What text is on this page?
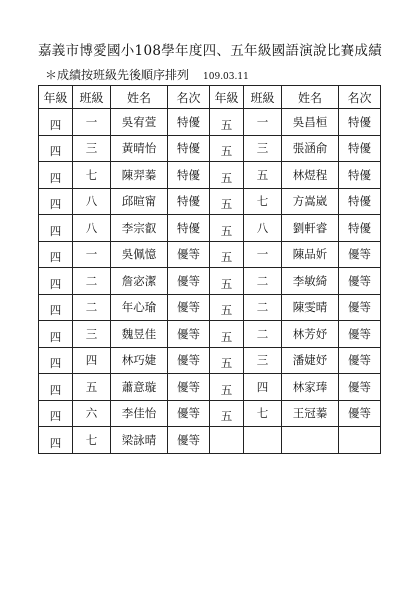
嘉義市博愛國小108學年度四、五年級國語演說比賽成績
＊成績按班級先後順序排列 109.03.11
年級	班級	姓名	名次	年級	班級	姓名	名次
四	一	吳宥萱	特優	五	一	吳昌桓	特優
四	三	黃晴怡	特優	五	三	張涵俞	特優
四	七	陳羿蓁	特優	五	五	林煜程	特優
四	八	邱暄甯	特優	五	七	方嵩崴	特優
四	八	李宗叡	特優	五	八	劉軒睿	特優
四	一	吳佩憶	優等	五	一	陳品妡	優等
四	二	詹宓潔	優等	五	二	李敏綺	優等
四	二	年心瑜	優等	五	二	陳雯晴	優等
四	三	魏昱佳	優等	五	二	林芳妤	優等
四	四	林巧婕	優等	五	三	潘婕妤	優等
四	五	蕭意璇	優等	五	四	林家琫	優等
四	六	李佳怡	優等	五	七	王冠蓁	優等
四	七	梁詠晴	優等				
